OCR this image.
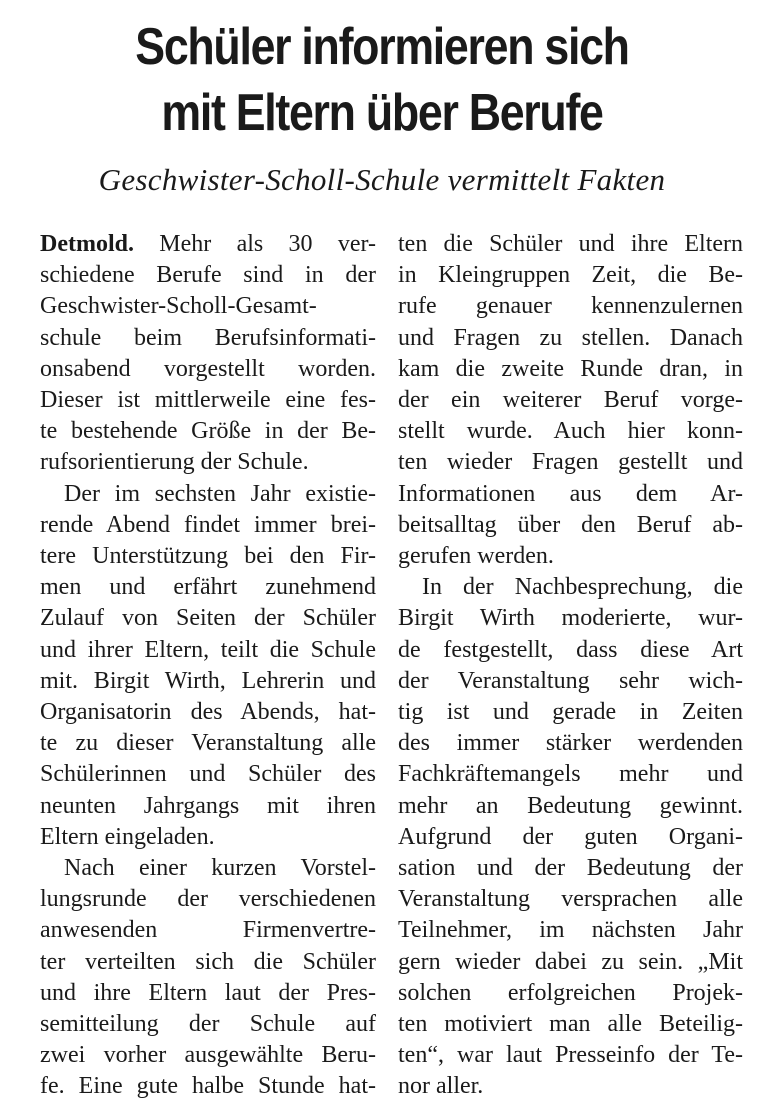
Schüler informieren sich
mit Eltern über Berufe
Geschwister-Scholl-Schule vermittelt Fakten
Detmold. Mehr als 30 ver-
schiedene Berufe sind in der
Geschwister-Scholl-Gesamt-
schule beim Berufsinformati-
onsabend vorgestellt worden.
Dieser ist mittlerweile eine fes-
te bestehende Größe in der Be-
rufsorientierung der Schule.
Der im sechsten Jahr existie-
rende Abend findet immer brei-
tere Unterstützung bei den Fir-
men und erfährt zunehmend
Zulauf von Seiten der Schüler
und ihrer Eltern, teilt die Schule
mit. Birgit Wirth, Lehrerin und
Organisatorin des Abends, hat-
te zu dieser Veranstaltung alle
Schülerinnen und Schüler des
neunten Jahrgangs mit ihren
Eltern eingeladen.
Nach einer kurzen Vorstel-
lungsrunde der verschiedenen
anwesenden Firmenvertre-
ter verteilten sich die Schüler
und ihre Eltern laut der Pres-
semitteilung der Schule auf
zwei vorher ausgewählte Beru-
fe. Eine gute halbe Stunde hat-
ten die Schüler und ihre Eltern
in Kleingruppen Zeit, die Be-
rufe genauer kennenzulernen
und Fragen zu stellen. Danach
kam die zweite Runde dran, in
der ein weiterer Beruf vorge-
stellt wurde. Auch hier konn-
ten wieder Fragen gestellt und
Informationen aus dem Ar-
beitsalltag über den Beruf ab-
gerufen werden.
In der Nachbesprechung, die
Birgit Wirth moderierte, wur-
de festgestellt, dass diese Art
der Veranstaltung sehr wich-
tig ist und gerade in Zeiten
des immer stärker werdenden
Fachkräftemangels mehr und
mehr an Bedeutung gewinnt.
Aufgrund der guten Organi-
sation und der Bedeutung der
Veranstaltung versprachen alle
Teilnehmer, im nächsten Jahr
gern wieder dabei zu sein. „Mit
solchen erfolgreichen Projek-
ten motiviert man alle Beteilig-
ten“, war laut Presseinfo der Te-
nor aller.
